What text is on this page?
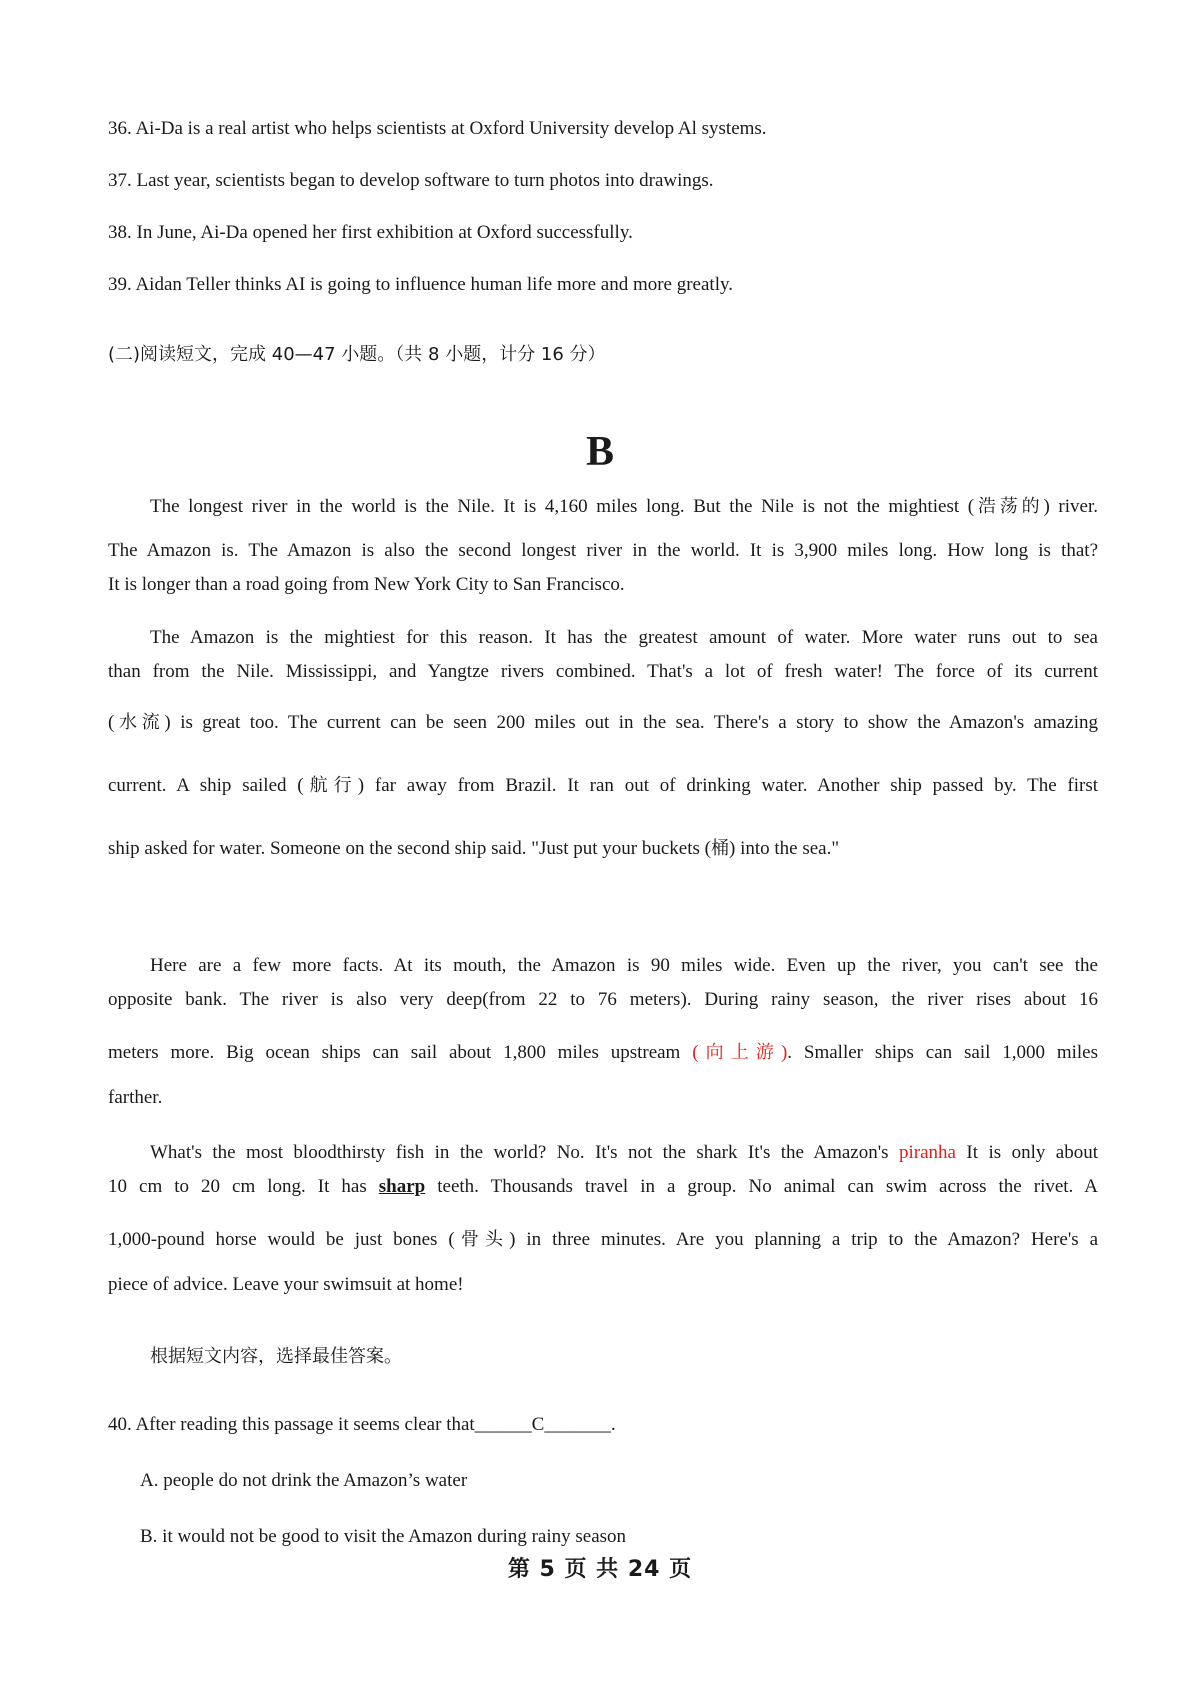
36. Ai-Da is a real artist who helps scientists at Oxford University develop Al systems.
37. Last year, scientists began to develop software to turn photos into drawings.
38. In June, Ai-Da opened her first exhibition at Oxford successfully.
39. Aidan Teller thinks AI is going to influence human life more and more greatly.
(二)阅读短文，完成 40—47 小题。（共 8 小题，计分 16 分）
B
The longest river in the world is the Nile. It is 4,160 miles long. But the Nile is not the mightiest (浩荡的) river.
The Amazon is. The Amazon is also the second longest river in the world. It is 3,900 miles long. How long is that?
It is longer than a road going from New York City to San Francisco.
The Amazon is the mightiest for this reason. It has the greatest amount of water. More water runs out to sea
than from the Nile. Mississippi, and Yangtze rivers combined. That's a lot of fresh water! The force of its current
(水流) is great too. The current can be seen 200 miles out in the sea. There's a story to show the Amazon's amazing
current. A ship sailed (航行) far away from Brazil. It ran out of drinking water. Another ship passed by. The first
ship asked for water. Someone on the second ship said. "Just put your buckets (桶) into the sea."
Here are a few more facts. At its mouth, the Amazon is 90 miles wide. Even up the river, you can't see the
opposite bank. The river is also very deep(from 22 to 76 meters). During rainy season, the river rises about 16
meters more. Big ocean ships can sail about 1,800 miles upstream (向上游). Smaller ships can sail 1,000 miles
farther.
What's the most bloodthirsty fish in the world? No. It's not the shark It's the Amazon's piranha It is only about
10 cm to 20 cm long. It has sharp teeth. Thousands travel in a group. No animal can swim across the rivet. A
1,000-pound horse would be just bones (骨头) in three minutes. Are you planning a trip to the Amazon? Here's a
piece of advice. Leave your swimsuit at home!
根据短文内容，选择最佳答案。
40. After reading this passage it seems clear that______C_______.
A. people do not drink the Amazon’s water
B. it would not be good to visit the Amazon during rainy season
第 5 页 共 24 页
